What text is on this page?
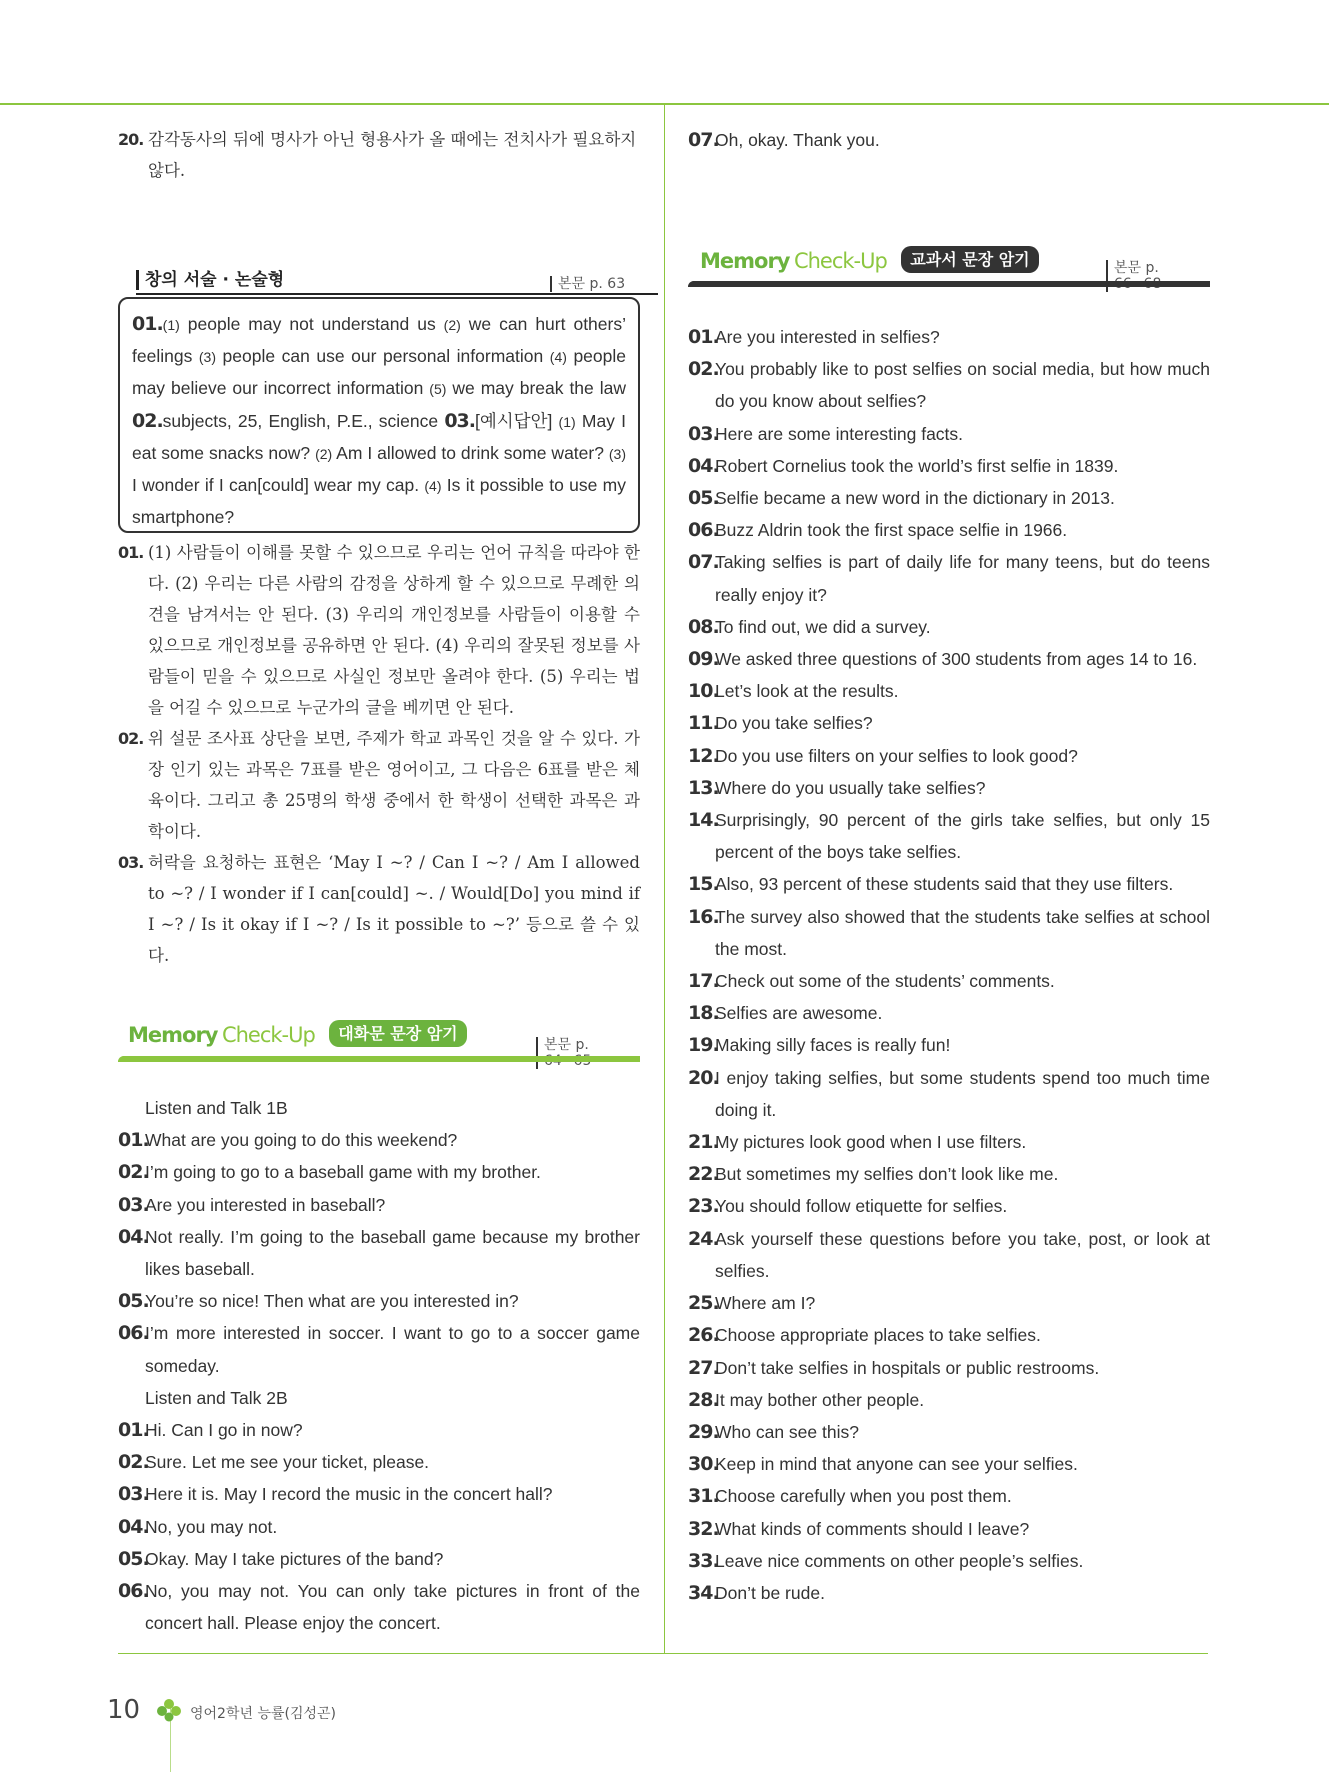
20. 감각동사의 뒤에 명사가 아닌 형용사가 올 때에는 전치사가 필요하지 않다.
창의 서술 · 논술형	본문 p. 63
01.(1) people may not understand us (2) we can hurt others’ feelings (3) people can use our personal information (4) people may believe our incorrect information (5) we may break the law 02.subjects, 25, English, P.E., science 03.[예시답안] (1) May I eat some snacks now? (2) Am I allowed to drink some water? (3) I wonder if I can[could] wear my cap. (4) Is it possible to use my smartphone?
01. (1) 사람들이 이해를 못할 수 있으므로 우리는 언어 규칙을 따라야 한다. (2) 우리는 다른 사람의 감정을 상하게 할 수 있으므로 무례한 의견을 남겨서는 안 된다. (3) 우리의 개인정보를 사람들이 이용할 수 있으므로 개인정보를 공유하면 안 된다. (4) 우리의 잘못된 정보를 사람들이 믿을 수 있으므로 사실인 정보만 올려야 한다. (5) 우리는 법을 어길 수 있으므로 누군가의 글을 베끼면 안 된다.
02. 위 설문 조사표 상단을 보면, 주제가 학교 과목인 것을 알 수 있다. 가장 인기 있는 과목은 7표를 받은 영어이고, 그 다음은 6표를 받은 체육이다. 그리고 총 25명의 학생 중에서 한 학생이 선택한 과목은 과학이다.
03. 허락을 요청하는 표현은 ‘May I ~? / Can I ~? / Am I allowed to ~? / I wonder if I can[could] ~. / Would[Do] you mind if I ~? / Is it okay if I ~? / Is it possible to ~?’ 등으로 쓸 수 있다.
Memory Check-Up 대화문 문장 암기
본문 p. 64~65
Listen and Talk 1B
01.
What are you going to do this weekend?
02.
I’m going to go to a baseball game with my brother.
03.
Are you interested in baseball?
04.
Not really. I’m going to the baseball game because my brother likes baseball.
05.
You’re so nice! Then what are you interested in?
06.
I’m more interested in soccer. I want to go to a soccer game someday.
Listen and Talk 2B
01.
Hi. Can I go in now?
02.
Sure. Let me see your ticket, please.
03.
Here it is. May I record the music in the concert hall?
04.
No, you may not.
05.
Okay. May I take pictures of the band?
06.
No, you may not. You can only take pictures in front of the concert hall. Please enjoy the concert.
07.
Oh, okay. Thank you.
Memory Check-Up 교과서 문장 암기	본문 p. 66~68
01.
Are you interested in selfies?
02.
You probably like to post selfies on social media, but how much do you know about selfies?
03.
Here are some interesting facts.
04.
Robert Cornelius took the world’s first selfie in 1839.
05.
Selfie became a new word in the dictionary in 2013.
06.
Buzz Aldrin took the first space selfie in 1966.
07.
Taking selfies is part of daily life for many teens, but do teens really enjoy it?
08.
To find out, we did a survey.
09.
We asked three questions of 300 students from ages 14 to 16.
10.
Let’s look at the results.
11.
Do you take selfies?
12.
Do you use filters on your selfies to look good?
13.
Where do you usually take selfies?
14.
Surprisingly, 90 percent of the girls take selfies, but only 15 percent of the boys take selfies.
15.
Also, 93 percent of these students said that they use filters.
16.
The survey also showed that the students take selfies at school the most.
17.
Check out some of the students’ comments.
18.
Selfies are awesome.
19.
Making silly faces is really fun!
20.
I enjoy taking selfies, but some students spend too much time doing it.
21.
My pictures look good when I use filters.
22.
But sometimes my selfies don’t look like me.
23.
You should follow etiquette for selfies.
24.
Ask yourself these questions before you take, post, or look at selfies.
25.
Where am I?
26.
Choose appropriate places to take selfies.
27.
Don’t take selfies in hospitals or public restrooms.
28.
It may bother other people.
29.
Who can see this?
30.
Keep in mind that anyone can see your selfies.
31.
Choose carefully when you post them.
32.
What kinds of comments should I leave?
33.
Leave nice comments on other people’s selfies.
34.
Don’t be rude.
10	영어2학년 능률(김성곤)
